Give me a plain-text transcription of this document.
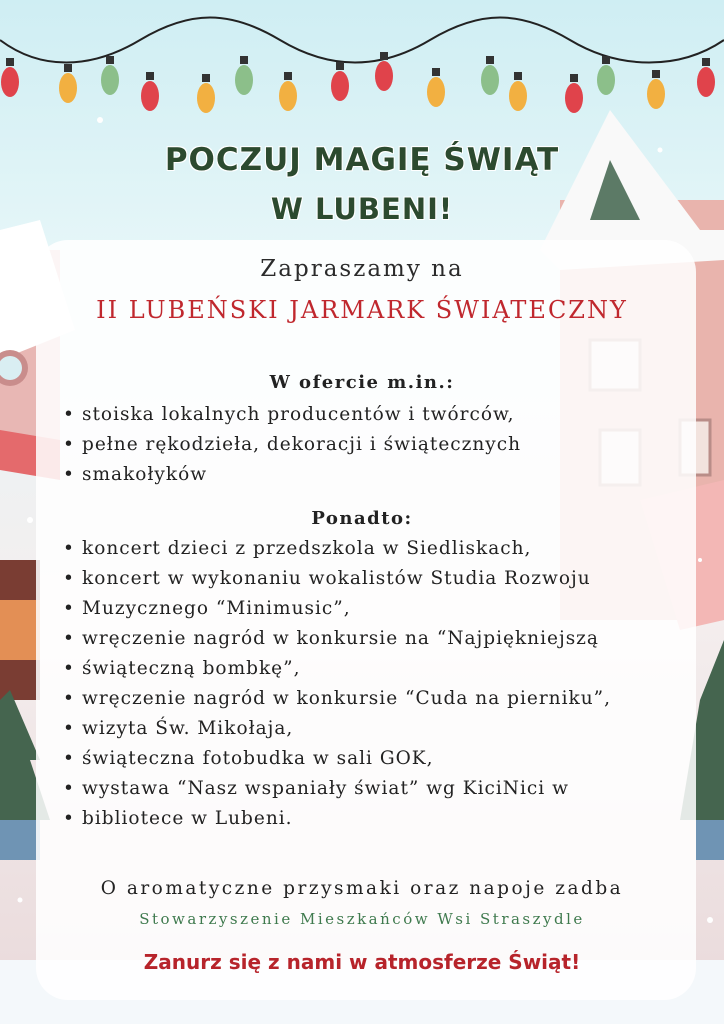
POCZUJ MAGIĘ ŚWIĄT
W LUBENI!
Zapraszamy na
II LUBEŃSKI JARMARK ŚWIĄTECZNY
W ofercie m.in.:
• stoiska lokalnych producentów i twórców,
• pełne rękodzieła, dekoracji i świątecznych
• smakołyków
Ponadto:
• koncert dzieci z przedszkola w Siedliskach,
• koncert w wykonaniu wokalistów Studia Rozwoju
• Muzycznego “Minimusic”,
• wręczenie nagród w konkursie na “Najpiękniejszą
• świąteczną bombkę”,
• wręczenie nagród w konkursie “Cuda na pierniku”,
• wizyta Św. Mikołaja,
• świąteczna fotobudka w sali GOK,
• wystawa “Nasz wspaniały świat” wg KiciNici w
• bibliotece w Lubeni.
O aromatyczne przysmaki oraz napoje zadba
Stowarzyszenie Mieszkańców Wsi Straszydle
Zanurz się z nami w atmosferze Świąt!
